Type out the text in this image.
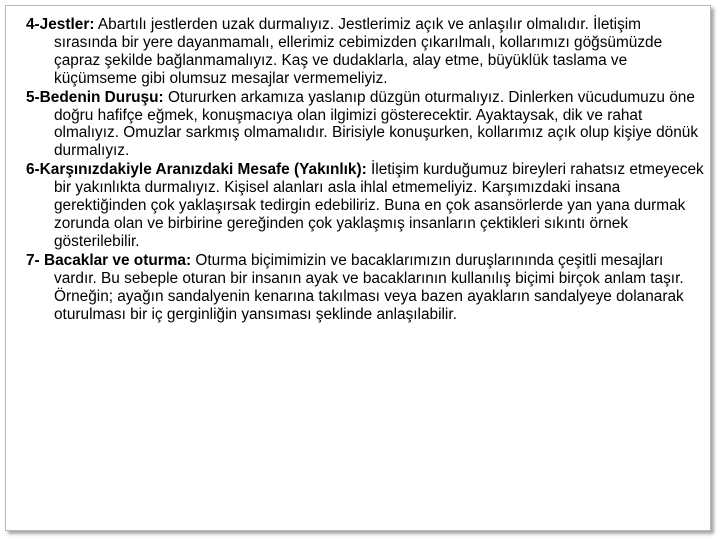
4-Jestler: Abartılı jestlerden uzak durmalıyız. Jestlerimiz açık ve anlaşılır olmalıdır. İletişim sırasında bir yere dayanmamalı, ellerimiz cebimizden çıkarılmalı, kollarımızı göğsümüzde çapraz şekilde bağlanmamalıyız. Kaş ve dudaklarla, alay etme, büyüklük taslama ve küçümseme gibi olumsuz mesajlar vermemeliyiz.

5-Bedenin Duruşu: Otururken arkamıza yaslanıp düzgün oturmalıyız. Dinlerken vücudumuzu öne doğru hafifçe eğmek, konuşmacıya olan ilgimizi gösterecektir. Ayaktaysak, dik ve rahat olmalıyız. Omuzlar sarkmış olmamalıdır. Birisiyle konuşurken, kollarımız açık olup kişiye dönük durmalıyız.

6-Karşınızdakiyle Aranızdaki Mesafe (Yakınlık): İletişim kurduğumuz bireyleri rahatsız etmeyecek bir yakınlıkta durmalıyız. Kişisel alanları asla ihlal etmemeliyiz. Karşımızdaki insana gerektiğinden çok yaklaşırsak tedirgin edebiliriz. Buna en çok asansörlerde yan yana durmak zorunda olan ve birbirine gereğinden çok yaklaşmış insanların çektikleri sıkıntı örnek gösterilebilir.

7- Bacaklar ve oturma: Oturma biçimimizin ve bacaklarımızın duruşlarınında çeşitli mesajları vardır. Bu sebeple oturan bir insanın ayak ve bacaklarının kullanılış biçimi birçok anlam taşır. Örneğin; ayağın sandalyenin kenarına takılması veya bazen ayakların sandalyeye dolanarak oturulması bir iç gerginliğin yansıması şeklinde anlaşılabilir.
